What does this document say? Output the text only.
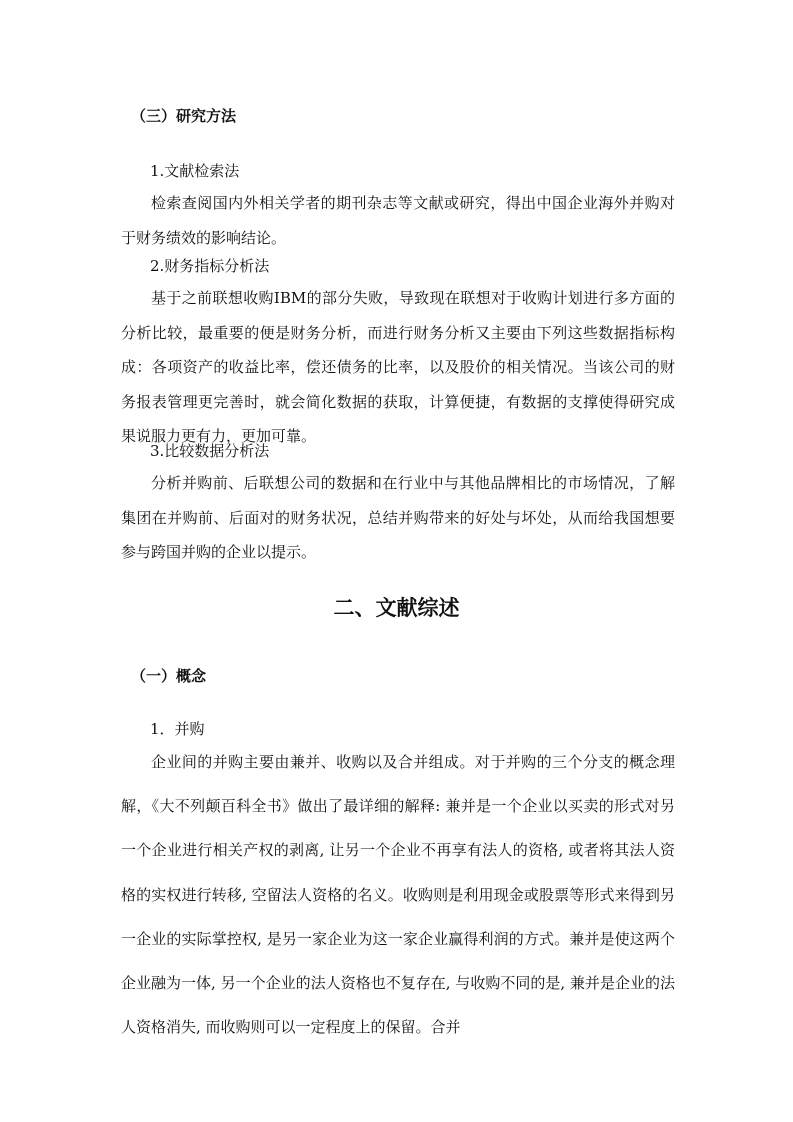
（三）研究方法
1.文献检索法
检索查阅国内外相关学者的期刊杂志等文献或研究，得出中国企业海外并购对于财务绩效的影响结论。
2.财务指标分析法
基于之前联想收购IBM的部分失败，导致现在联想对于收购计划进行多方面的分析比较，最重要的便是财务分析，而进行财务分析又主要由下列这些数据指标构成：各项资产的收益比率，偿还债务的比率，以及股价的相关情况。当该公司的财务报表管理更完善时，就会简化数据的获取，计算便捷，有数据的支撑使得研究成果说服力更有力，更加可靠。
3.比较数据分析法
分析并购前、后联想公司的数据和在行业中与其他品牌相比的市场情况，了解集团在并购前、后面对的财务状况，总结并购带来的好处与坏处，从而给我国想要参与跨国并购的企业以提示。
二、文献综述
（一）概念
1．并购
企业间的并购主要由兼并、收购以及合并组成。对于并购的三个分支的概念理解，《大不列颠百科全书》做出了最详细的解释: 兼并是一个企业以买卖的形式对另一个企业进行相关产权的剥离, 让另一个企业不再享有法人的资格, 或者将其法人资格的实权进行转移, 空留法人资格的名义。收购则是利用现金或股票等形式来得到另一企业的实际掌控权, 是另一家企业为这一家企业赢得利润的方式。兼并是使这两个企业融为一体, 另一个企业的法人资格也不复存在, 与收购不同的是, 兼并是企业的法人资格消失, 而收购则可以一定程度上的保留。合并
